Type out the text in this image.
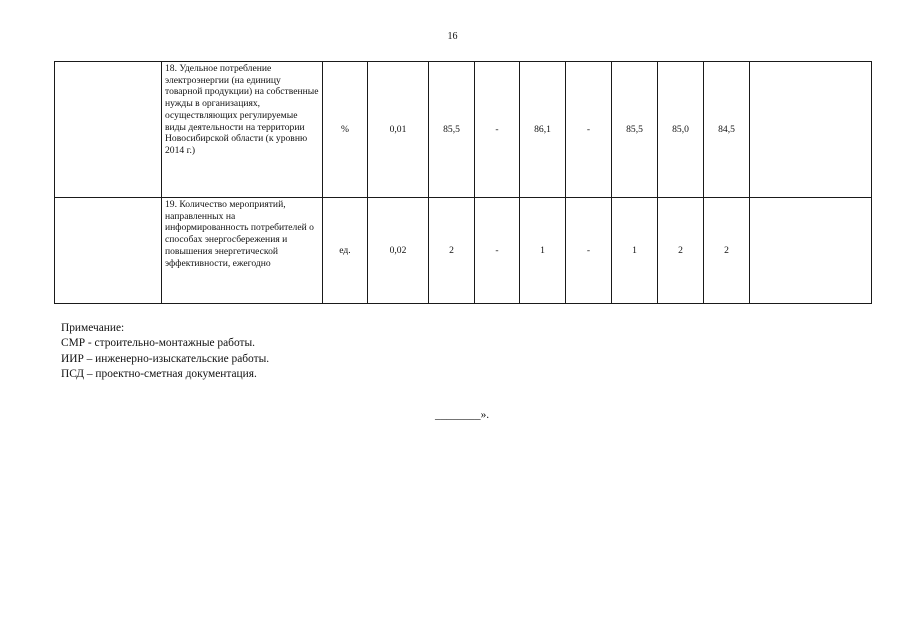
16
	18. Удельное потребление электроэнергии (на единицу товарной продукции) на собственные нужды в организациях, осуществляющих регулируемые виды деятельности на территории Новосибирской области (к уровню 2014 г.)	%	0,01	85,5	-	86,1	-	85,5	85,0	84,5	
	19. Количество мероприятий, направленных на информированность потребителей о способах энергосбережения и повышения энергетической эффективности, ежегодно	ед.	0,02	2	-	1	-	1	2	2	
Примечание:
СМР - строительно-монтажные работы.
ИИР – инженерно-изыскательские работы.
ПСД – проектно-сметная документация.
________».
